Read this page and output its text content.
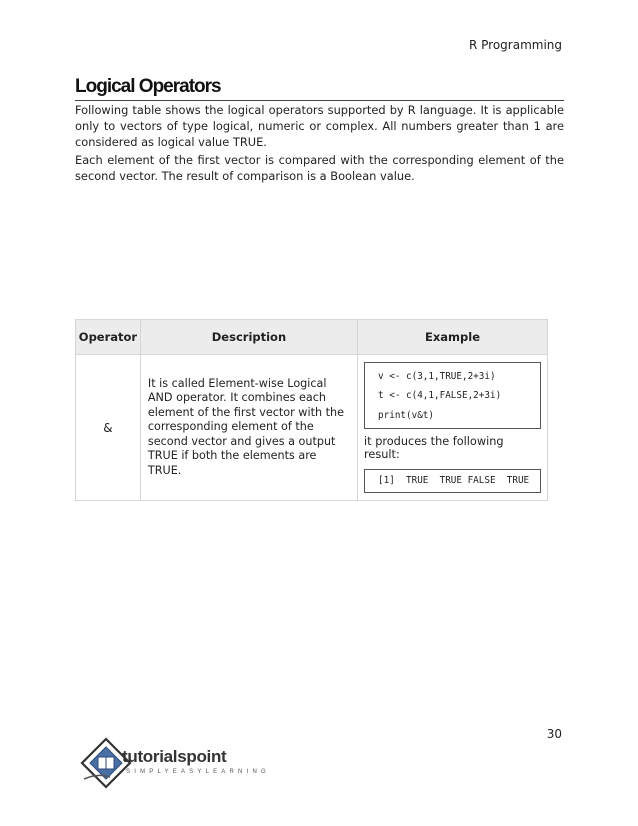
R Programming
Logical Operators

Following table shows the logical operators supported by R language. It is applicable only to vectors of type logical, numeric or complex. All numbers greater than 1 are considered as logical value TRUE.

Each element of the first vector is compared with the corresponding element of the second vector. The result of comparison is a Boolean value.

Operator	Description	Example
&	It is called Element-wise Logical AND operator. It combines each element of the first vector with the corresponding element of the second vector and gives a output TRUE if both the elements are TRUE.	v <- c(3,1,TRUE,2+3i)
t <- c(4,1,FALSE,2+3i)
print(v&t)
it produces the following result:
[1]  TRUE  TRUE FALSE  TRUE
30
tutorialspoint
SIMPLYEASYLEARNING
